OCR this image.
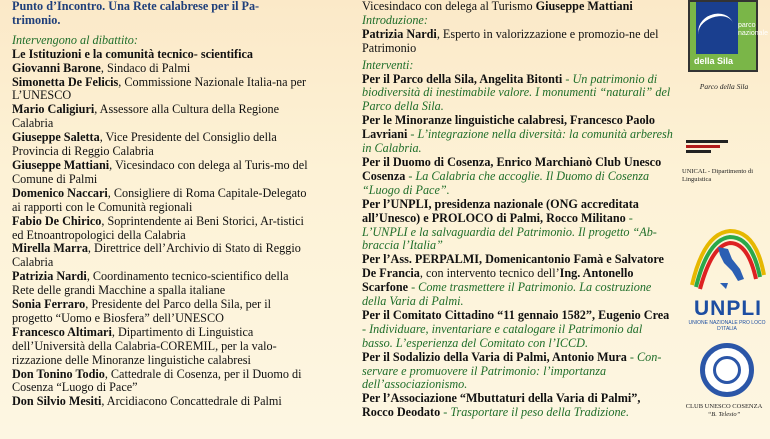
Punto d’Incontro. Una Rete calabrese per il Pa-

trimonio.

Intervengono al dibattito:

Le Istituzioni e la comunità tecnico- scientifica

Giovanni Barone, Sindaco di Palmi

Simonetta De Felicis, Commissione Nazionale Italia-na per L’UNESCO

Mario Caligiuri, Assessore alla Cultura della Regione Calabria

Giuseppe Saletta, Vice Presidente del Consiglio della Provincia di Reggio Calabria

Giuseppe Mattiani, Vicesindaco con delega al Turis-mo del Comune di Palmi

Domenico Naccari, Consigliere di Roma Capitale-Delegato ai rapporti con le Comunità regionali

Fabio De Chirico, Soprintendente ai Beni Storici, Ar-tistici ed Etnoantropologici della Calabria

Mirella Marra, Direttrice dell’Archivio di Stato di Reggio Calabria

Patrizia Nardi, Coordinamento tecnico-scientifico della Rete delle grandi Macchine a spalla italiane

Sonia Ferraro, Presidente del Parco della Sila, per il progetto “Uomo e Biosfera” dell’UNESCO

Francesco Altimari, Dipartimento di Linguistica dell’Università della Calabria-COREMIL, per la valo-rizzazione delle Minoranze linguistiche calabresi

Don Tonino Todio, Cattedrale di Cosenza, per il Duomo di Cosenza “Luogo di Pace”

Don Silvio Mesiti, Arcidiacono Concattedrale di Palmi

Vicesindaco con delega al Turismo Giuseppe Mattiani

Introduzione:

Patrizia Nardi, Esperto in valorizzazione e promozio-ne del Patrimonio

Interventi:

Per il Parco della Sila, Angelita Bitonti - Un patrimonio di biodiversità di inestimabile valore. I monumenti “naturali” del Parco della Sila.

Per le Minoranze linguistiche calabresi, Francesco Paolo Lavriani - L’integrazione nella diversità: la comunità arberesh in Calabria.

Per il Duomo di Cosenza, Enrico Marchianò Club Unesco Cosenza - La Calabria che accoglie. Il Duomo di Cosenza “Luogo di Pace”.

Per l’UNPLI, presidenza nazionale (ONG accreditata all’Unesco) e PROLOCO di Palmi, Rocco Militano - L’UNPLI e la salvaguardia del Patrimonio. Il progetto “Ab-braccia l’Italia”

Per l’Ass. PERPALMI, Domenicantonio Famà e Salvatore De Francia, con intervento tecnico dell’Ing. Antonello Scarfone - Come trasmettere il Patrimonio. La costruzione della Varia di Palmi.

Per il Comitato Cittadino “11 gennaio 1582”, Eugenio Crea - Individuare, inventariare e catalogare il Patrimonio dal basso. L’esperienza del Comitato con l’ICCD.

Per il Sodalizio della Varia di Palmi, Antonio Mura - Con-servare e promuovere il Patrimonio: l’importanza dell’associazionismo.

Per l’Associazione “Mbuttaturi della Varia di Palmi”, Rocco Deodato - Trasportare il peso della Tradizione.

parco nazionale
della Sila
Parco della Sila
UNICAL - Dipartimento di Linguistica
UNPLI
UNIONE NAZIONALE PRO LOCO D’ITALIA
CLUB UNESCO COSENZA
“B. Telesio”
